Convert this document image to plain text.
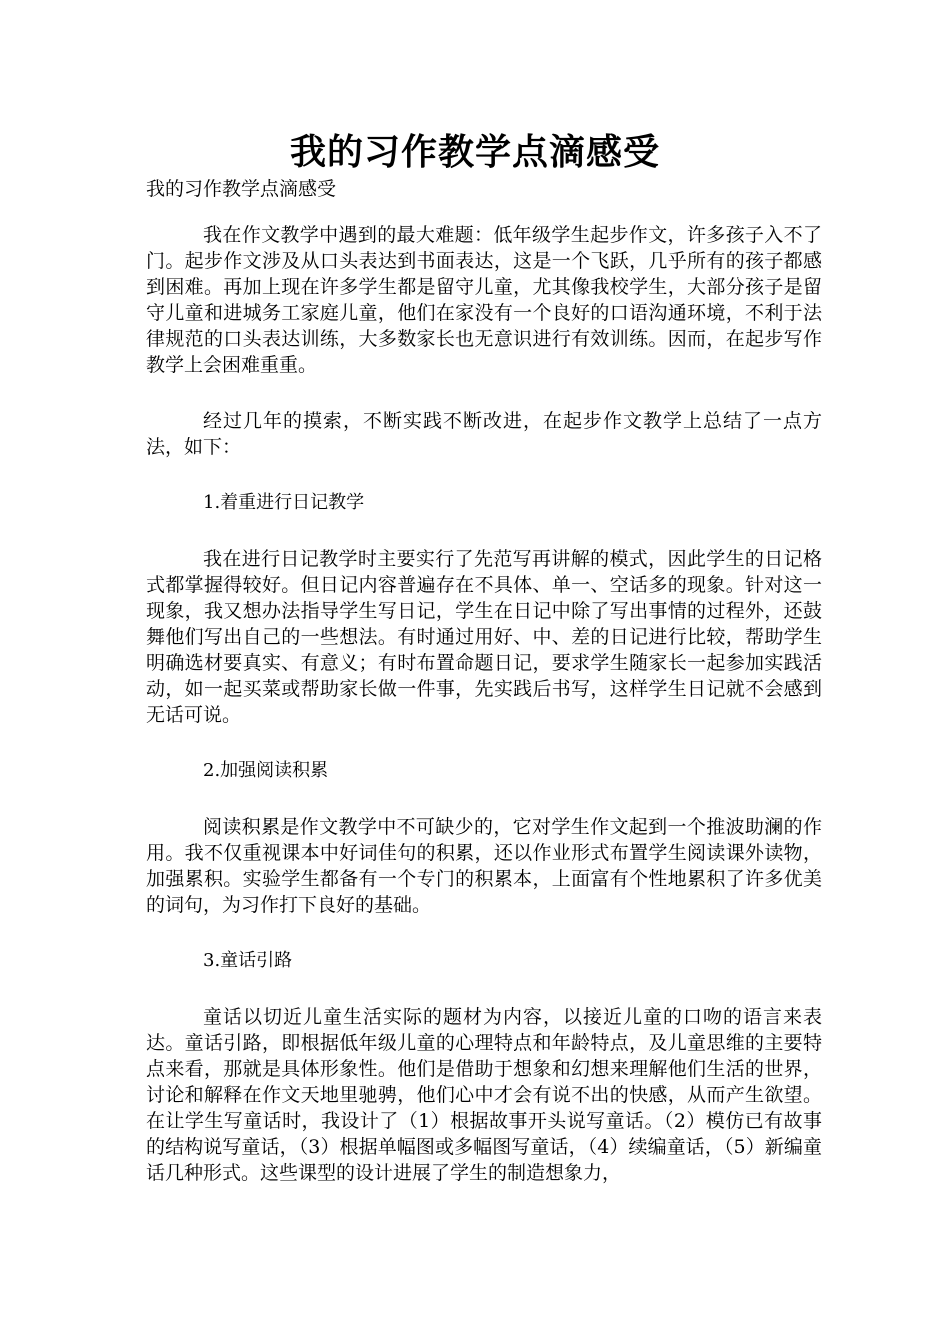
我的习作教学点滴感受
我的习作教学点滴感受

我在作文教学中遇到的最大难题：低年级学生起步作文，许多孩子入不了门。起步作文涉及从口头表达到书面表达，这是一个飞跃，几乎所有的孩子都感到困难。再加上现在许多学生都是留守儿童，尤其像我校学生，大部分孩子是留守儿童和进城务工家庭儿童，他们在家没有一个良好的口语沟通环境，不利于法律规范的口头表达训练，大多数家长也无意识进行有效训练。因而，在起步写作教学上会困难重重。

经过几年的摸索，不断实践不断改进，在起步作文教学上总结了一点方法，如下：

1.着重进行日记教学

我在进行日记教学时主要实行了先范写再讲解的模式，因此学生的日记格式都掌握得较好。但日记内容普遍存在不具体、单一、空话多的现象。针对这一现象，我又想办法指导学生写日记，学生在日记中除了写出事情的过程外，还鼓舞他们写出自己的一些想法。有时通过用好、中、差的日记进行比较，帮助学生明确选材要真实、有意义；有时布置命题日记，要求学生随家长一起参加实践活动，如一起买菜或帮助家长做一件事，先实践后书写，这样学生日记就不会感到无话可说。

2.加强阅读积累

阅读积累是作文教学中不可缺少的，它对学生作文起到一个推波助澜的作用。我不仅重视课本中好词佳句的积累，还以作业形式布置学生阅读课外读物，加强累积。实验学生都备有一个专门的积累本，上面富有个性地累积了许多优美的词句，为习作打下良好的基础。

3.童话引路

童话以切近儿童生活实际的题材为内容，以接近儿童的口吻的语言来表达。童话引路，即根据低年级儿童的心理特点和年龄特点，及儿童思维的主要特点来看，那就是具体形象性。他们是借助于想象和幻想来理解他们生活的世界，讨论和解释在作文天地里驰骋，他们心中才会有说不出的快感，从而产生欲望。在让学生写童话时，我设计了（1）根据故事开头说写童话。（2）模仿已有故事的结构说写童话，（3）根据单幅图或多幅图写童话，（4）续编童话，（5）新编童话几种形式。这些课型的设计进展了学生的制造想象力，
